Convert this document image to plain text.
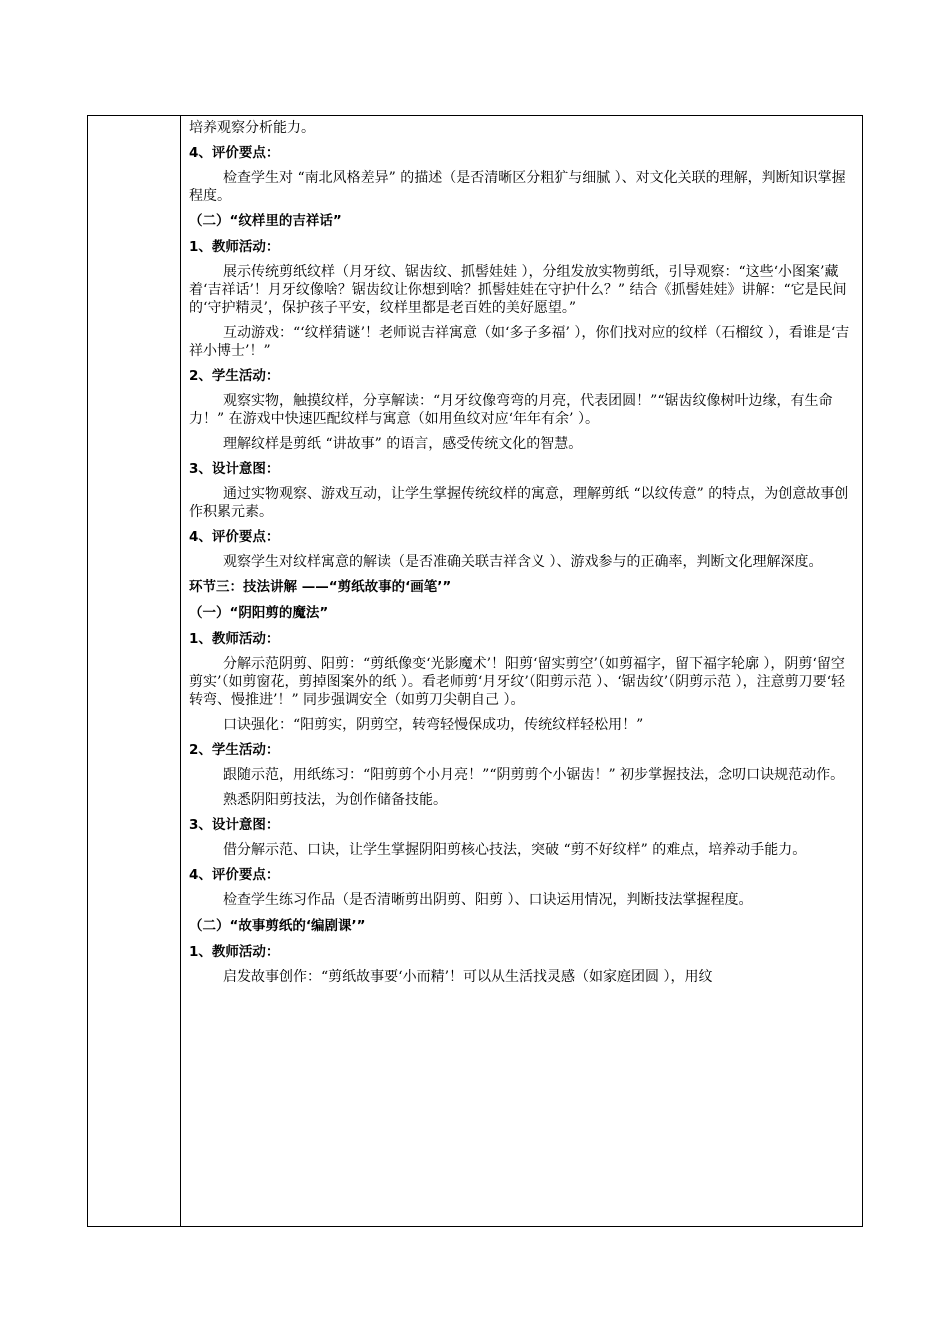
培养观察分析能力。

4、评价要点：

检查学生对 “南北风格差异” 的描述（是否清晰区分粗犷与细腻 ）、对文化关联的理解，判断知识掌握程度。

（二）“纹样里的吉祥话”

1、教师活动：

展示传统剪纸纹样（月牙纹、锯齿纹、抓髻娃娃 ），分组发放实物剪纸，引导观察：“这些‘小图案’藏着‘吉祥话’！月牙纹像啥？锯齿纹让你想到啥？抓髻娃娃在守护什么？” 结合《抓髻娃娃》讲解：“它是民间的‘守护精灵’，保护孩子平安，纹样里都是老百姓的美好愿望。”

互动游戏：“‘纹样猜谜’！老师说吉祥寓意（如‘多子多福’ ），你们找对应的纹样（石榴纹 ），看谁是‘吉祥小博士’！”

2、学生活动：

观察实物，触摸纹样，分享解读：“月牙纹像弯弯的月亮，代表团圆！”“锯齿纹像树叶边缘，有生命力！” 在游戏中快速匹配纹样与寓意（如用鱼纹对应‘年年有余’ ）。

理解纹样是剪纸 “讲故事” 的语言，感受传统文化的智慧。

3、设计意图：

通过实物观察、游戏互动，让学生掌握传统纹样的寓意，理解剪纸 “以纹传意” 的特点，为创意故事创作积累元素。

4、评价要点：

观察学生对纹样寓意的解读（是否准确关联吉祥含义 ）、游戏参与的正确率，判断文化理解深度。

环节三：技法讲解 ——“剪纸故事的‘画笔’”

（一）“阴阳剪的魔法”

1、教师活动：

分解示范阴剪、阳剪：“剪纸像变‘光影魔术’！阳剪‘留实剪空’（如剪福字，留下福字轮廓 ），阴剪‘留空剪实’（如剪窗花，剪掉图案外的纸 ）。看老师剪‘月牙纹’（阳剪示范 ）、‘锯齿纹’（阴剪示范 ），注意剪刀要‘轻转弯、慢推进’！” 同步强调安全（如剪刀尖朝自己 ）。

口诀强化：“阳剪实，阴剪空，转弯轻慢保成功，传统纹样轻松用！”

2、学生活动：

跟随示范，用纸练习：“阳剪剪个小月亮！”“阴剪剪个小锯齿！” 初步掌握技法，念叨口诀规范动作。

熟悉阴阳剪技法，为创作储备技能。

3、设计意图：

借分解示范、口诀，让学生掌握阴阳剪核心技法，突破 “剪不好纹样” 的难点，培养动手能力。

4、评价要点：

检查学生练习作品（是否清晰剪出阴剪、阳剪 ）、口诀运用情况，判断技法掌握程度。

（二）“故事剪纸的‘编剧课’”

1、教师活动：

启发故事创作：“剪纸故事要‘小而精’！可以从生活找灵感（如家庭团圆 ），用纹
